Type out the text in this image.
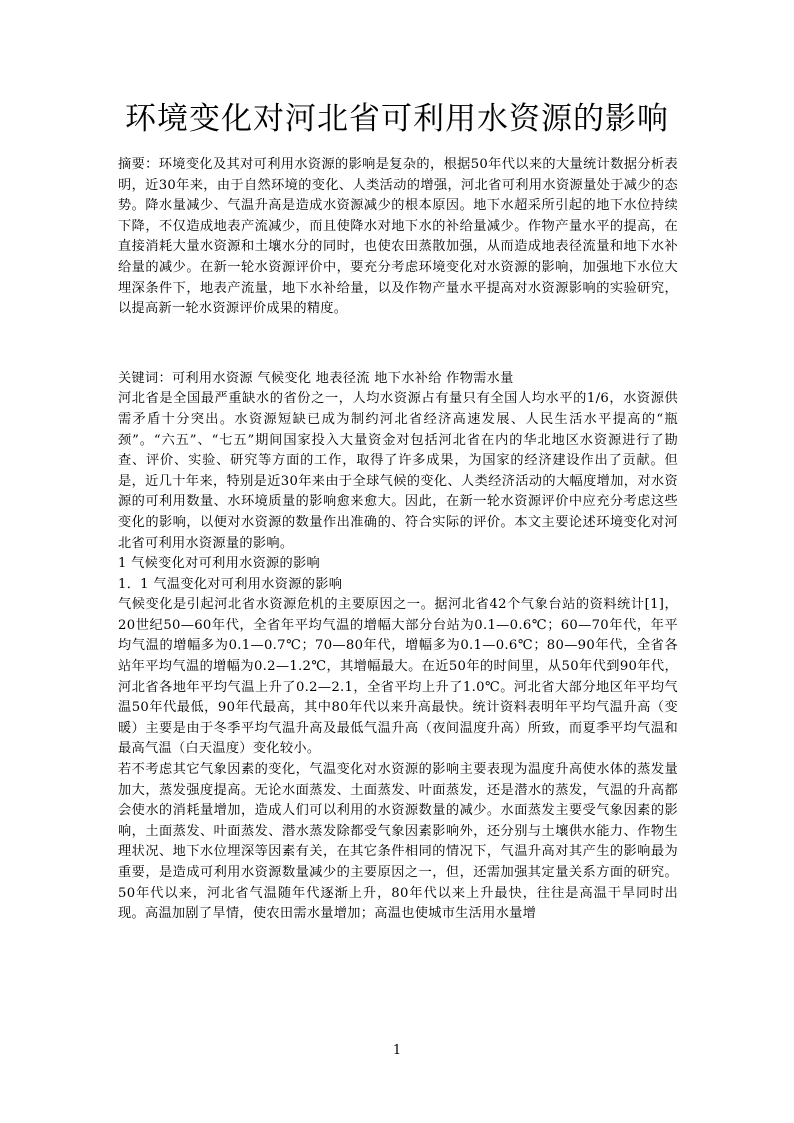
环境变化对河北省可利用水资源的影响

摘要：环境变化及其对可利用水资源的影响是复杂的，根据50年代以来的大量统计数据分析表明，近30年来，由于自然环境的变化、人类活动的增强，河北省可利用水资源量处于减少的态势。降水量减少、气温升高是造成水资源减少的根本原因。地下水超采所引起的地下水位持续下降，不仅造成地表产流减少，而且使降水对地下水的补给量减少。作物产量水平的提高，在直接消耗大量水资源和土壤水分的同时，也使农田蒸散加强，从而造成地表径流量和地下水补给量的减少。在新一轮水资源评价中，要充分考虑环境变化对水资源的影响，加强地下水位大埋深条件下，地表产流量，地下水补给量，以及作物产量水平提高对水资源影响的实验研究，以提高新一轮水资源评价成果的精度。

关键词：可利用水资源 气候变化 地表径流 地下水补给 作物需水量

河北省是全国最严重缺水的省份之一，人均水资源占有量只有全国人均水平的1/6，水资源供需矛盾十分突出。水资源短缺已成为制约河北省经济高速发展、人民生活水平提高的“瓶颈”。“六五”、“七五”期间国家投入大量资金对包括河北省在内的华北地区水资源进行了勘查、评价、实验、研究等方面的工作，取得了许多成果，为国家的经济建设作出了贡献。但是，近几十年来，特别是近30年来由于全球气候的变化、人类经济活动的大幅度增加，对水资源的可利用数量、水环境质量的影响愈来愈大。因此，在新一轮水资源评价中应充分考虑这些变化的影响，以便对水资源的数量作出准确的、符合实际的评价。本文主要论述环境变化对河北省可利用水资源量的影响。

1 气候变化对可利用水资源的影响

1．1 气温变化对可利用水资源的影响

气候变化是引起河北省水资源危机的主要原因之一。据河北省42个气象台站的资料统计[1]，20世纪50—60年代，全省年平均气温的增幅大部分台站为0.1—0.6℃；60—70年代，年平均气温的增幅多为0.1—0.7℃；70—80年代，增幅多为0.1—0.6℃；80—90年代，全省各站年平均气温的增幅为0.2—1.2℃，其增幅最大。在近50年的时间里，从50年代到90年代，河北省各地年平均气温上升了0.2—2.1，全省平均上升了1.0℃。河北省大部分地区年平均气温50年代最低，90年代最高，其中80年代以来升高最快。统计资料表明年平均气温升高（变暖）主要是由于冬季平均气温升高及最低气温升高（夜间温度升高）所致，而夏季平均气温和最高气温（白天温度）变化较小。

若不考虑其它气象因素的变化，气温变化对水资源的影响主要表现为温度升高使水体的蒸发量加大，蒸发强度提高。无论水面蒸发、土面蒸发、叶面蒸发，还是潜水的蒸发，气温的升高都会使水的消耗量增加，造成人们可以利用的水资源数量的减少。水面蒸发主要受气象因素的影响，土面蒸发、叶面蒸发、潜水蒸发除都受气象因素影响外，还分别与土壤供水能力、作物生理状况、地下水位埋深等因素有关，在其它条件相同的情况下，气温升高对其产生的影响最为重要，是造成可利用水资源数量减少的主要原因之一，但，还需加强其定量关系方面的研究。50年代以来，河北省气温随年代逐渐上升，80年代以来上升最快，往往是高温干旱同时出现。高温加剧了旱情，使农田需水量增加；高温也使城市生活用水量增

1
